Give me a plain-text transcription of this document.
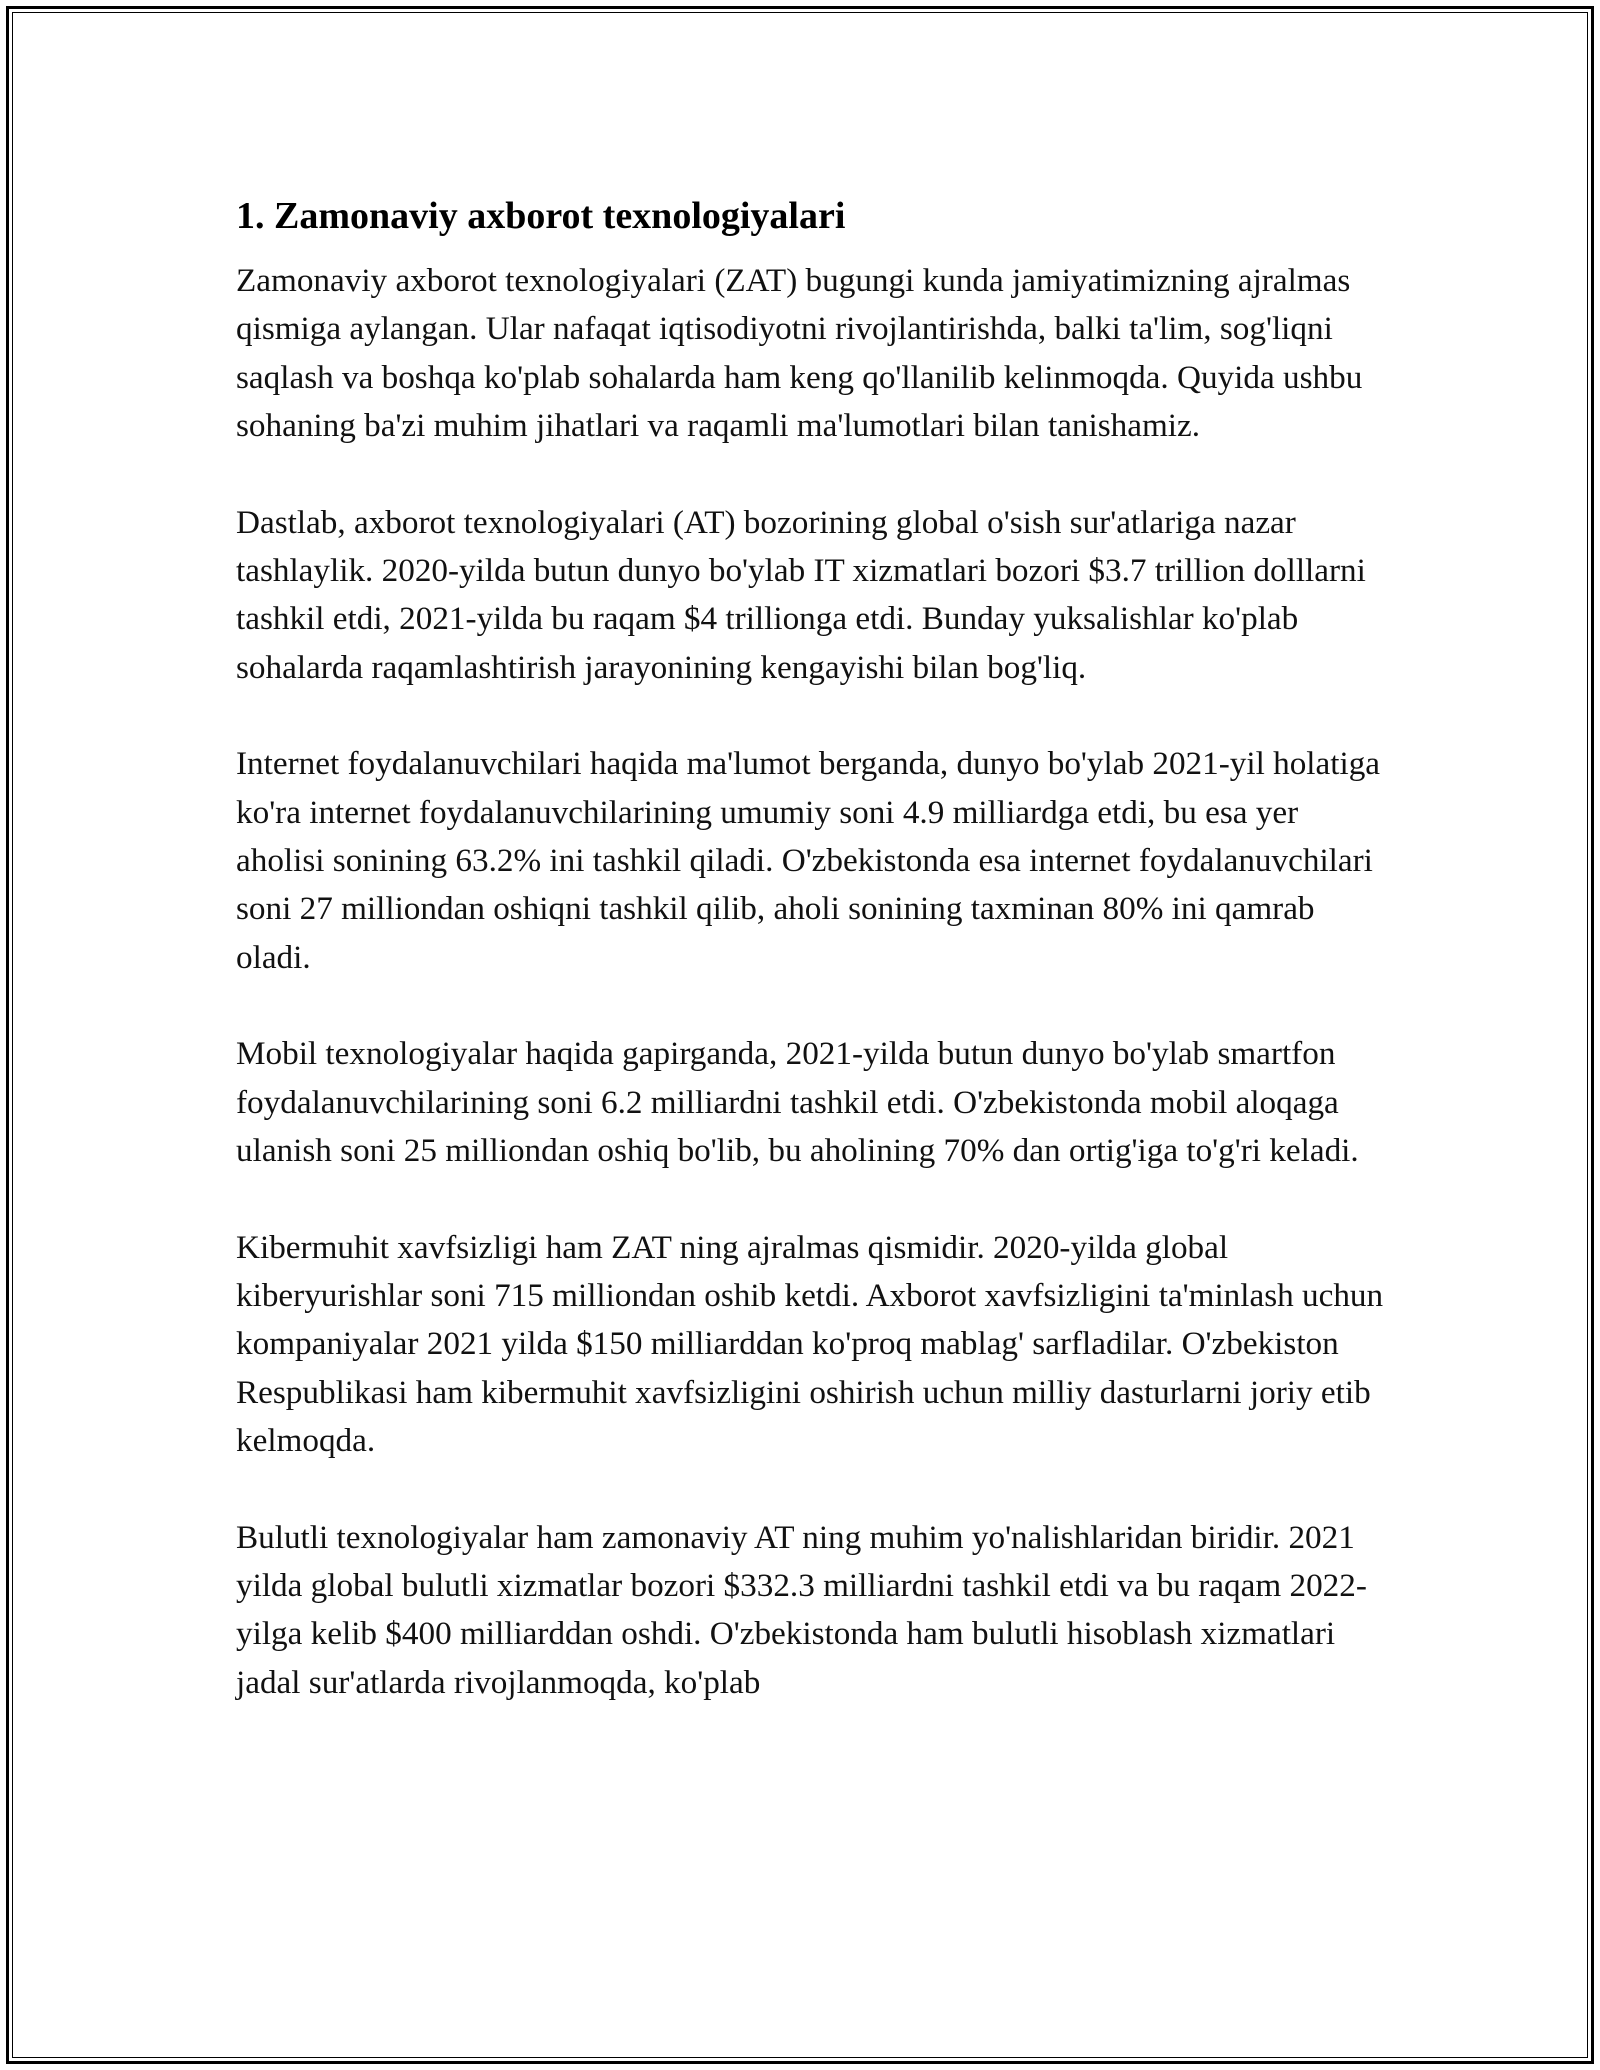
1. Zamonaviy axborot texnologiyalari

Zamonaviy axborot texnologiyalari (ZAT) bugungi kunda jamiyatimizning ajralmas qismiga aylangan. Ular nafaqat iqtisodiyotni rivojlantirishda, balki ta'lim, sog'liqni saqlash va boshqa ko'plab sohalarda ham keng qo'llanilib kelinmoqda. Quyida ushbu sohaning ba'zi muhim jihatlari va raqamli ma'lumotlari bilan tanishamiz.

Dastlab, axborot texnologiyalari (AT) bozorining global o'sish sur'atlariga nazar tashlaylik. 2020-yilda butun dunyo bo'ylab IT xizmatlari bozori $3.7 trillion dolllarni tashkil etdi, 2021-yilda bu raqam $4 trillionga etdi. Bunday yuksalishlar ko'plab sohalarda raqamlashtirish jarayonining kengayishi bilan bog'liq.

Internet foydalanuvchilari haqida ma'lumot berganda, dunyo bo'ylab 2021-yil holatiga ko'ra internet foydalanuvchilarining umumiy soni 4.9 milliardga etdi, bu esa yer aholisi sonining 63.2% ini tashkil qiladi. O'zbekistonda esa internet foydalanuvchilari soni 27 milliondan oshiqni tashkil qilib, aholi sonining taxminan 80% ini qamrab oladi.

Mobil texnologiyalar haqida gapirganda, 2021-yilda butun dunyo bo'ylab smartfon foydalanuvchilarining soni 6.2 milliardni tashkil etdi. O'zbekistonda mobil aloqaga ulanish soni 25 milliondan oshiq bo'lib, bu aholining 70% dan ortig'iga to'g'ri keladi.

Kibermuhit xavfsizligi ham ZAT ning ajralmas qismidir. 2020-yilda global kiberyurishlar soni 715 milliondan oshib ketdi. Axborot xavfsizligini ta'minlash uchun kompaniyalar 2021 yilda $150 milliarddan ko'proq mablag' sarfladilar. O'zbekiston Respublikasi ham kibermuhit xavfsizligini oshirish uchun milliy dasturlarni joriy etib kelmoqda.

Bulutli texnologiyalar ham zamonaviy AT ning muhim yo'nalishlaridan biridir. 2021 yilda global bulutli xizmatlar bozori $332.3 milliardni tashkil etdi va bu raqam 2022-yilga kelib $400 milliarddan oshdi. O'zbekistonda ham bulutli hisoblash xizmatlari jadal sur'atlarda rivojlanmoqda, ko'plab
